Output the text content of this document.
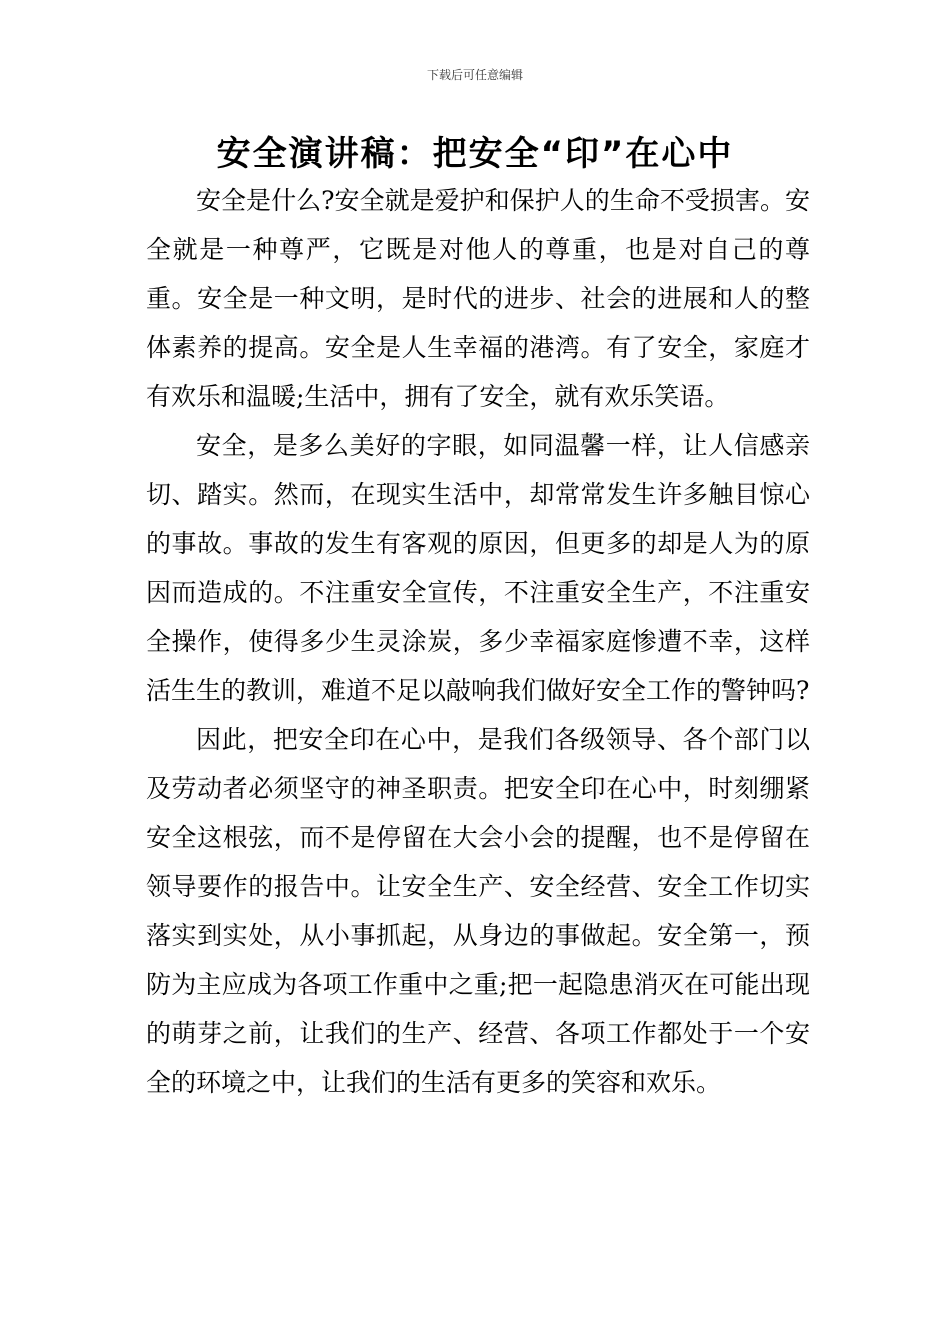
下载后可任意编辑
安全演讲稿：把安全“印”在心中

安全是什么?安全就是爱护和保护人的生命不受损害。安全就是一种尊严，它既是对他人的尊重，也是对自己的尊重。安全是一种文明，是时代的进步、社会的进展和人的整体素养的提高。安全是人生幸福的港湾。有了安全，家庭才有欢乐和温暖;生活中，拥有了安全，就有欢乐笑语。

安全，是多么美好的字眼，如同温馨一样，让人信感亲切、踏实。然而，在现实生活中，却常常发生许多触目惊心的事故。事故的发生有客观的原因，但更多的却是人为的原因而造成的。不注重安全宣传，不注重安全生产，不注重安全操作，使得多少生灵涂炭，多少幸福家庭惨遭不幸，这样活生生的教训，难道不足以敲响我们做好安全工作的警钟吗?

因此，把安全印在心中，是我们各级领导、各个部门以及劳动者必须坚守的神圣职责。把安全印在心中，时刻绷紧安全这根弦，而不是停留在大会小会的提醒，也不是停留在领导要作的报告中。让安全生产、安全经营、安全工作切实落实到实处，从小事抓起，从身边的事做起。安全第一，预防为主应成为各项工作重中之重;把一起隐患消灭在可能出现的萌芽之前，让我们的生产、经营、各项工作都处于一个安全的环境之中，让我们的生活有更多的笑容和欢乐。
